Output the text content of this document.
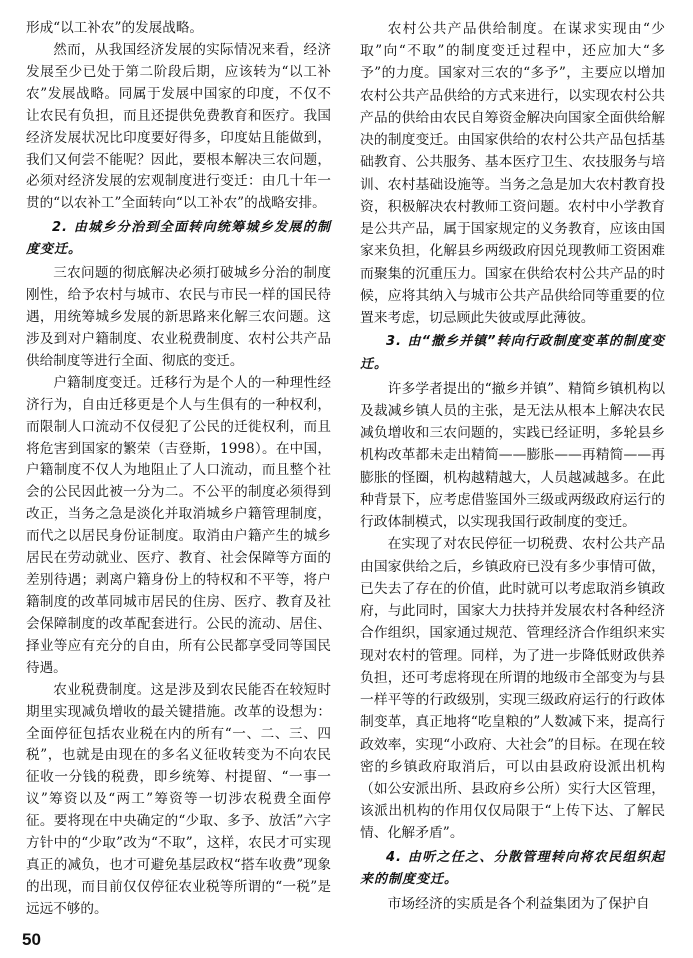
形成“以工补农”的发展战略。

然而，从我国经济发展的实际情况来看，经济发展至少已处于第二阶段后期，应该转为“以工补农”发展战略。同属于发展中国家的印度，不仅不让农民有负担，而且还提供免费教育和医疗。我国经济发展状况比印度要好得多，印度姑且能做到，我们又何尝不能呢？因此，要根本解决三农问题，必须对经济发展的宏观制度进行变迁：由几十年一贯的“以农补工”全面转向“以工补农”的战略安排。

2. 由城乡分治到全面转向统筹城乡发展的制度变迁。

三农问题的彻底解决必须打破城乡分治的制度刚性，给予农村与城市、农民与市民一样的国民待遇，用统筹城乡发展的新思路来化解三农问题。这涉及到对户籍制度、农业税费制度、农村公共产品供给制度等进行全面、彻底的变迁。

户籍制度变迁。迁移行为是个人的一种理性经济行为，自由迁移更是个人与生俱有的一种权利，而限制人口流动不仅侵犯了公民的迁徙权利，而且将危害到国家的繁荣（吉登斯，1998）。在中国，户籍制度不仅人为地阻止了人口流动，而且整个社会的公民因此被一分为二。不公平的制度必须得到改正，当务之急是淡化并取消城乡户籍管理制度，而代之以居民身份证制度。取消由户籍产生的城乡居民在劳动就业、医疗、教育、社会保障等方面的差别待遇；剥离户籍身份上的特权和不平等，将户籍制度的改革同城市居民的住房、医疗、教育及社会保障制度的改革配套进行。公民的流动、居住、择业等应有充分的自由，所有公民都享受同等国民待遇。

农业税费制度。这是涉及到农民能否在较短时期里实现减负增收的最关键措施。改革的设想为：全面停征包括农业税在内的所有“一、二、三、四税”，也就是由现在的多名义征收转变为不向农民征收一分钱的税费，即乡统筹、村提留、“一事一议”筹资以及“两工”筹资等一切涉农税费全面停征。要将现在中央确定的“少取、多予、放活”六字方针中的“少取”改为“不取”，这样，农民才可实现真正的减负，也才可避免基层政权“搭车收费”现象的出现，而目前仅仅停征农业税等所谓的“一税”是远远不够的。

农村公共产品供给制度。在谋求实现由“少取”向“不取”的制度变迁过程中，还应加大“多予”的力度。国家对三农的“多予”，主要应以增加农村公共产品供给的方式来进行，以实现农村公共产品的供给由农民自筹资金解决向国家全面供给解决的制度变迁。由国家供给的农村公共产品包括基础教育、公共服务、基本医疗卫生、农技服务与培训、农村基础设施等。当务之急是加大农村教育投资，积极解决农村教师工资问题。农村中小学教育是公共产品，属于国家规定的义务教育，应该由国家来负担，化解县乡两级政府因兑现教师工资困难而聚集的沉重压力。国家在供给农村公共产品的时候，应将其纳入与城市公共产品供给同等重要的位置来考虑，切忌顾此失彼或厚此薄彼。

3. 由“撤乡并镇”转向行政制度变革的制度变迁。

许多学者提出的“撤乡并镇”、精简乡镇机构以及裁减乡镇人员的主张，是无法从根本上解决农民减负增收和三农问题的，实践已经证明，多轮县乡机构改革都未走出精简——膨胀——再精简——再膨胀的怪圈，机构越精越大，人员越减越多。在此种背景下，应考虑借鉴国外三级或两级政府运行的行政体制模式，以实现我国行政制度的变迁。

在实现了对农民停征一切税费、农村公共产品由国家供给之后，乡镇政府已没有多少事情可做，已失去了存在的价值，此时就可以考虑取消乡镇政府，与此同时，国家大力扶持并发展农村各种经济合作组织，国家通过规范、管理经济合作组织来实现对农村的管理。同样，为了进一步降低财政供养负担，还可考虑将现在所谓的地级市全部变为与县一样平等的行政级别，实现三级政府运行的行政体制变革，真正地将“吃皇粮的”人数减下来，提高行政效率，实现“小政府、大社会”的目标。在现在较密的乡镇政府取消后，可以由县政府设派出机构（如公安派出所、县政府乡公所）实行大区管理，该派出机构的作用仅仅局限于“上传下达、了解民情、化解矛盾”。

4. 由听之任之、分散管理转向将农民组织起来的制度变迁。

市场经济的实质是各个利益集团为了保护自

50
